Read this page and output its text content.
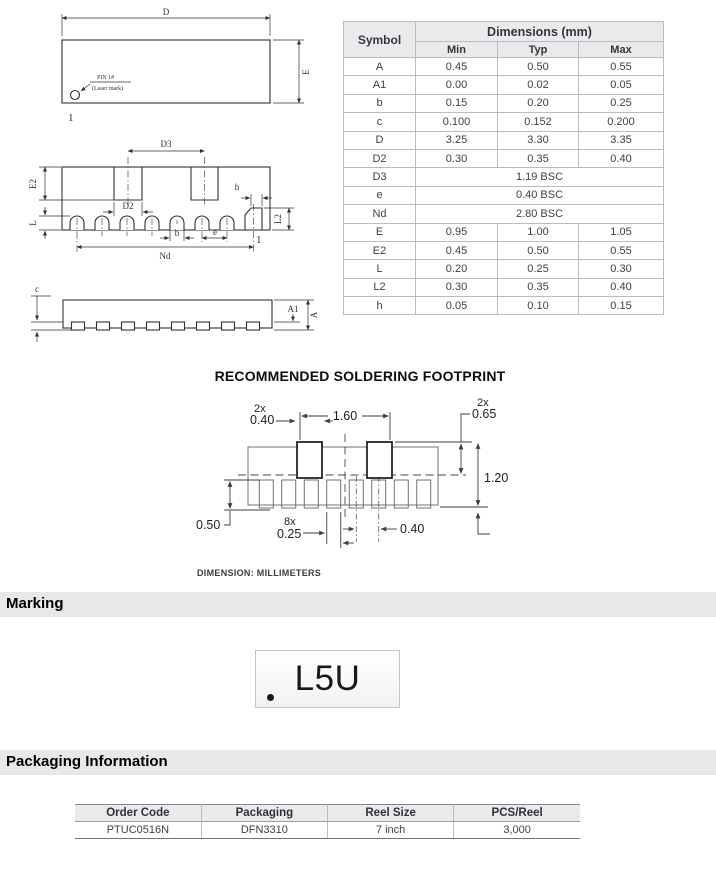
D
E
PIN 1#
(Laser mark)
1
Symbol	Dimensions (mm)		
	Min	Typ	Max
A	0.45	0.50	0.55
A1	0.00	0.02	0.05
b	0.15	0.20	0.25
c	0.100	0.152	0.200
D	3.25	3.30	3.35
D2	0.30	0.35	0.40
D3	1.19 BSC		
e	0.40 BSC		
Nd	2.80 BSC		
E	0.95	1.00	1.05
E2	0.45	0.50	0.55
L	0.20	0.25	0.30
L2	0.30	0.35	0.40
h	0.05	0.10	0.15
D3
D2
h
L2
E2
L
b	e
Nd
1
c
A
A1
RECOMMENDED SOLDERING FOOTPRINT
1.60
2x
0.40
2x
0.65
1.20
0.50	8x
0.25	0.40
DIMENSION: MILLIMETERS
Marking
L5U
Packaging Information
Order Code	Packaging	Reel Size	PCS/Reel
PTUC0516N	DFN3310	7 inch	3,000
